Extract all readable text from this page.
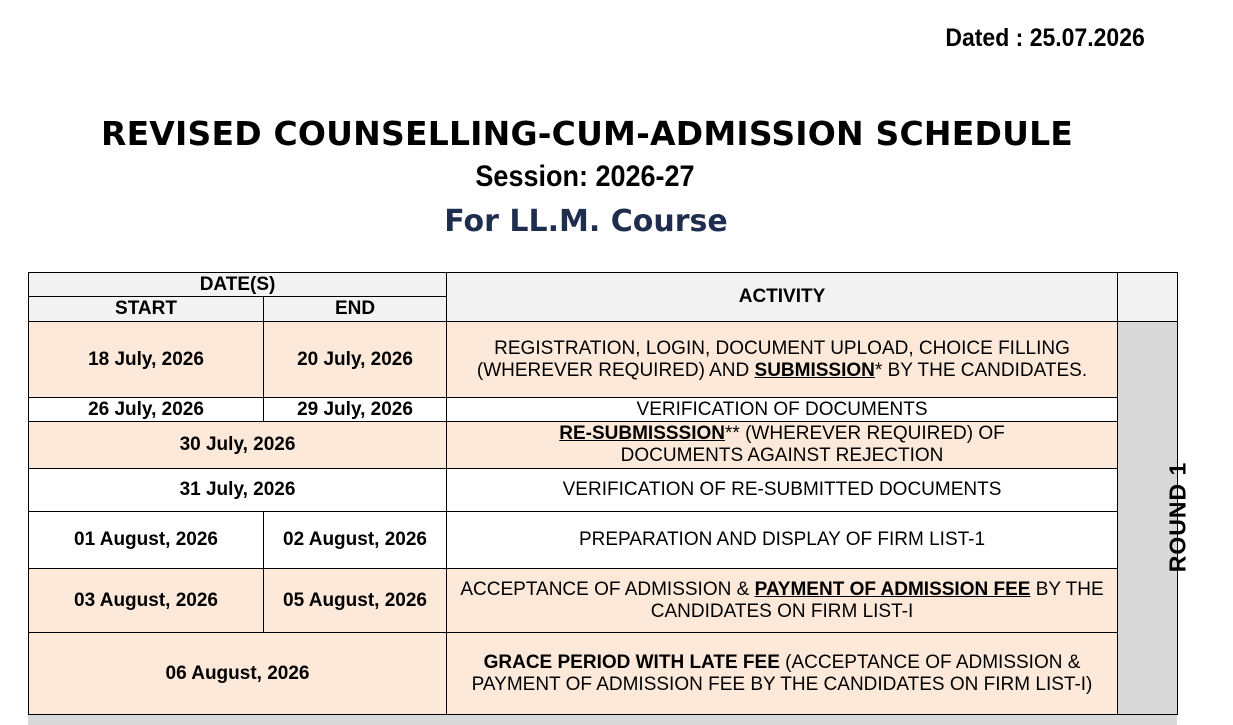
Dated : 25.07.2026
REVISED COUNSELLING-CUM-ADMISSION SCHEDULE
Session: 2026-27
For LL.M. Course
DATE(S)		ACTIVITY	
START	END		
18 July, 2026	20 July, 2026	REGISTRATION, LOGIN, DOCUMENT UPLOAD, CHOICE FILLING (WHEREVER REQUIRED) AND SUBMISSION* BY THE CANDIDATES.	ROUND 1
26 July, 2026	29 July, 2026	VERIFICATION OF DOCUMENTS	
30 July, 2026		RE-SUBMISSSION** (WHEREVER REQUIRED) OF DOCUMENTS AGAINST REJECTION	
31 July, 2026		VERIFICATION OF RE-SUBMITTED DOCUMENTS	
01 August, 2026	02 August, 2026	PREPARATION AND DISPLAY OF FIRM LIST-1	
03 August, 2026	05 August, 2026	ACCEPTANCE OF ADMISSION & PAYMENT OF ADMISSION FEE BY THE CANDIDATES ON FIRM LIST-I	
06 August, 2026		GRACE PERIOD WITH LATE FEE (ACCEPTANCE OF ADMISSION & PAYMENT OF ADMISSION FEE BY THE CANDIDATES ON FIRM LIST-I)	
